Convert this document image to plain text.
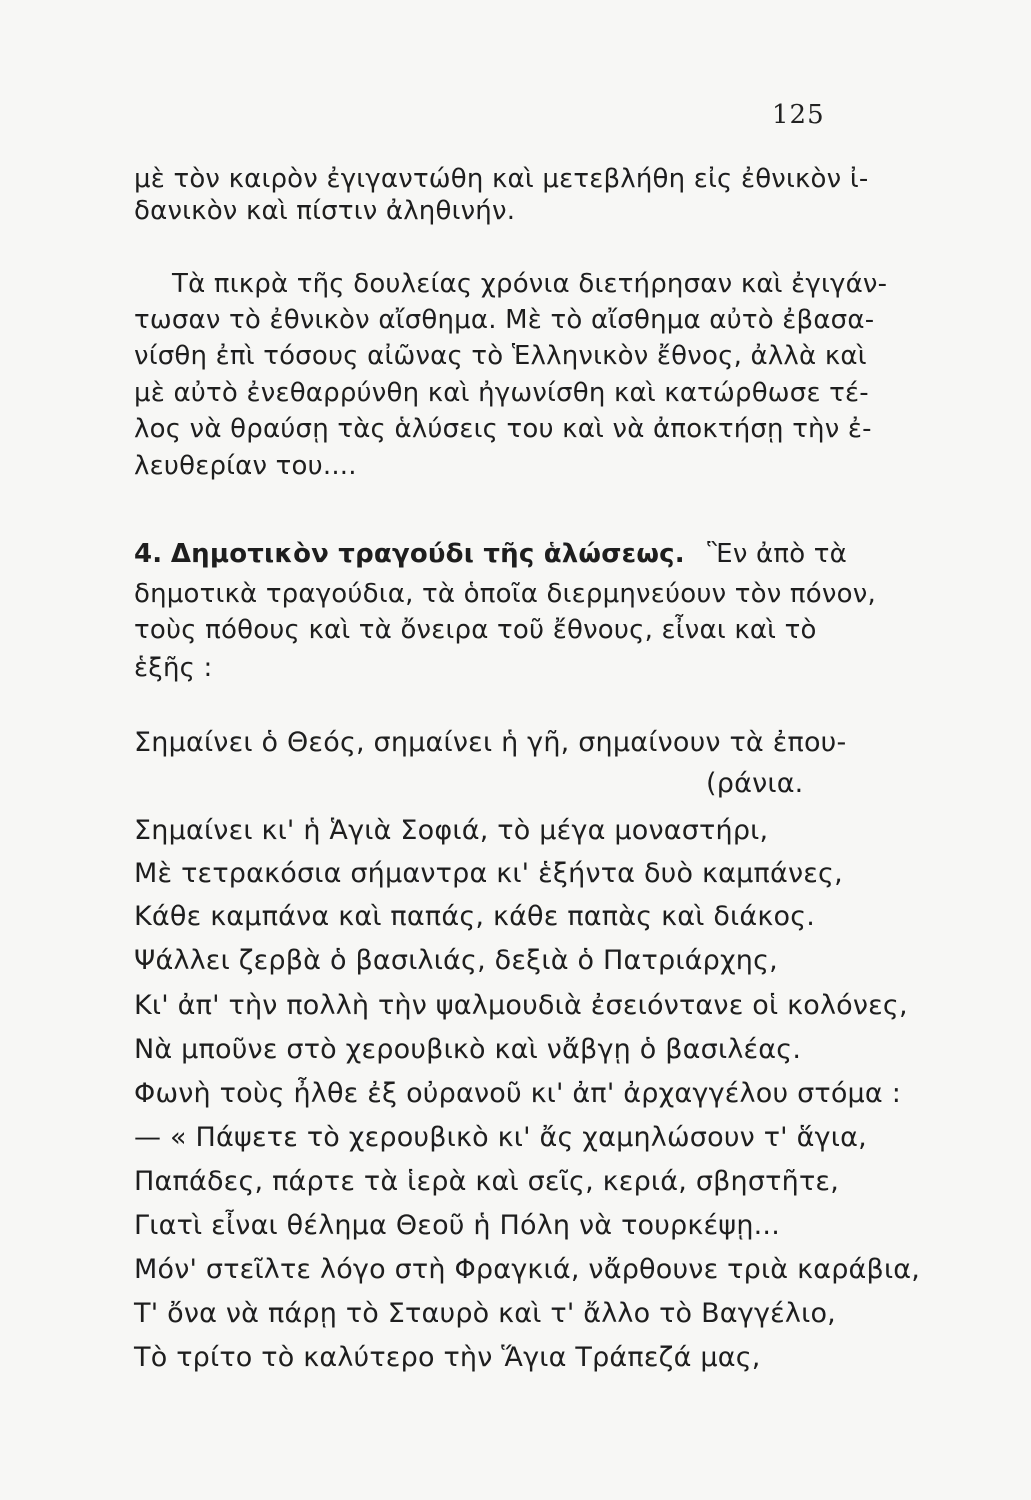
125
μὲ τὸν καιρὸν ἐγιγαντώθη καὶ μετεβλήθη εἰς ἐθνικὸν ἰ-
δανικὸν καὶ πίστιν ἀληθινήν.
Τὰ πικρὰ τῆς δουλείας χρόνια διετήρησαν καὶ ἐγιγάν-
τωσαν τὸ ἐθνικὸν αἴσθημα. Μὲ τὸ αἴσθημα αὐτὸ ἐβασα-
νίσθη ἐπὶ τόσους αἰῶνας τὸ Ἑλληνικὸν ἔθνος, ἀλλὰ καὶ
μὲ αὐτὸ ἐνεθαρρύνθη καὶ ἠγωνίσθη καὶ κατώρθωσε τέ-
λος νὰ θραύσῃ τὰς ἁλύσεις του καὶ νὰ ἀποκτήσῃ τὴν ἐ-
λευθερίαν του....
4. Δημοτικὸν τραγούδι τῆς ἁλώσεως. Ἓν ἀπὸ τὰ
δημοτικὰ τραγούδια, τὰ ὁποῖα διερμηνεύουν τὸν πόνον,
τοὺς πόθους καὶ τὰ ὄνειρα τοῦ ἔθνους, εἶναι καὶ τὸ
ἑξῆς :
Σημαίνει ὁ Θεός, σημαίνει ἡ γῆ, σημαίνουν τὰ ἐπου-
(ράνια.
Σημαίνει κι' ἡ Ἁγιὰ Σοφιά, τὸ μέγα μοναστήρι,
Μὲ τετρακόσια σήμαντρα κι' ἑξήντα δυὸ καμπάνες,
Κάθε καμπάνα καὶ παπάς, κάθε παπὰς καὶ διάκος.
Ψάλλει ζερβὰ ὁ βασιλιάς, δεξιὰ ὁ Πατριάρχης,
Κι' ἀπ' τὴν πολλὴ τὴν ψαλμουδιὰ ἐσειόντανε οἱ κολόνες,
Νὰ μποῦνε στὸ χερουβικὸ καὶ νἄβγῃ ὁ βασιλέας.
Φωνὴ τοὺς ἦλθε ἐξ οὐρανοῦ κι' ἀπ' ἀρχαγγέλου στόμα :
— « Πάψετε τὸ χερουβικὸ κι' ἄς χαμηλώσουν τ' ἅγια,
Παπάδες, πάρτε τὰ ἱερὰ καὶ σεῖς, κεριά, σβηστῆτε,
Γιατὶ εἶναι θέλημα Θεοῦ ἡ Πόλη νὰ τουρκέψῃ...
Μόν' στεῖλτε λόγο στὴ Φραγκιά, νἄρθουνε τριὰ καράβια,
Τ' ὄνα νὰ πάρῃ τὸ Σταυρὸ καὶ τ' ἄλλο τὸ Βαγγέλιο,
Τὸ τρίτο τὸ καλύτερο τὴν Ἅγια Τράπεζά μας,
